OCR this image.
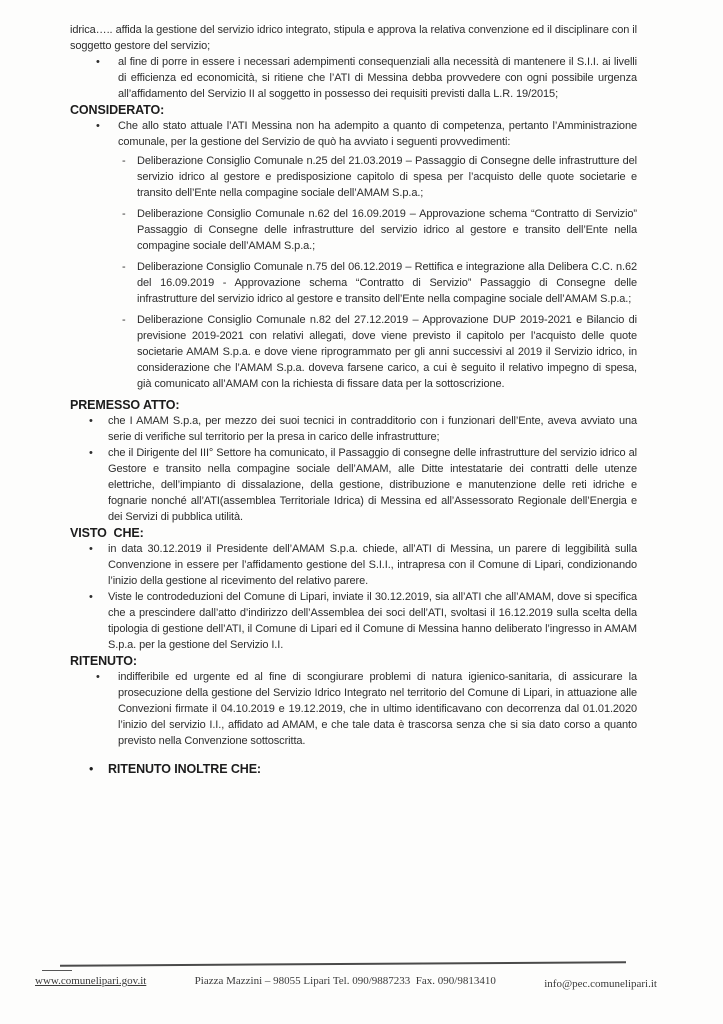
idrica….. affida la gestione del servizio idrico integrato, stipula e approva la relativa convenzione ed il disciplinare con il soggetto gestore del servizio;

• al fine di porre in essere i necessari adempimenti consequenziali alla necessità di mantenere il S.I.I. ai livelli di efficienza ed economicità, si ritiene che l’ATI di Messina debba provvedere con ogni possibile urgenza all’affidamento del Servizio II al soggetto in possesso dei requisiti previsti dalla L.R. 19/2015;

CONSIDERATO:

• Che allo stato attuale l’ATI Messina non ha adempito a quanto di competenza, pertanto l’Amministrazione comunale, per la gestione del Servizio de quò ha avviato i seguenti provvedimenti:

- Deliberazione Consiglio Comunale n.25 del 21.03.2019 – Passaggio di Consegne delle infrastrutture del servizio idrico al gestore e predisposizione capitolo di spesa per l’acquisto delle quote societarie e transito dell’Ente nella compagine sociale dell’AMAM S.p.a.;

- Deliberazione Consiglio Comunale n.62 del 16.09.2019 – Approvazione schema “Contratto di Servizio” Passaggio di Consegne delle infrastrutture del servizio idrico al gestore e transito dell’Ente nella compagine sociale dell’AMAM S.p.a.;

- Deliberazione Consiglio Comunale n.75 del 06.12.2019 – Rettifica e integrazione alla Delibera C.C. n.62 del 16.09.2019 - Approvazione schema “Contratto di Servizio” Passaggio di Consegne delle infrastrutture del servizio idrico al gestore e transito dell’Ente nella compagine sociale dell’AMAM S.p.a.;

- Deliberazione Consiglio Comunale n.82 del 27.12.2019 – Approvazione DUP 2019-2021 e Bilancio di previsione 2019-2021 con relativi allegati, dove viene previsto il capitolo per l’acquisto delle quote societarie AMAM S.p.a. e dove viene riprogrammato per gli anni successivi al 2019 il Servizio idrico, in considerazione che l’AMAM S.p.a. doveva farsene carico, a cui è seguito il relativo impegno di spesa, già comunicato all’AMAM con la richiesta di fissare data per la sottoscrizione.

PREMESSO ATTO:

• che I AMAM S.p.a, per mezzo dei suoi tecnici in contradditorio con i funzionari dell’Ente, aveva avviato una serie di verifiche sul territorio per la presa in carico delle infrastrutture;

• che il Dirigente del III° Settore ha comunicato, il Passaggio di consegne delle infrastrutture del servizio idrico al Gestore e transito nella compagine sociale dell’AMAM, alle Ditte intestatarie dei contratti delle utenze elettriche, dell’impianto di dissalazione, della gestione, distribuzione e manutenzione delle reti idriche e fognarie nonché all’ATI(assemblea Territoriale Idrica) di Messina ed all’Assessorato Regionale dell’Energia e dei Servizi di pubblica utilità.

VISTO  CHE:

• in data 30.12.2019 il Presidente dell’AMAM S.p.a. chiede, all’ATI di Messina, un parere di leggibilità sulla Convenzione in essere per l’affidamento gestione del S.I.I., intrapresa con il Comune di Lipari, condizionando l’inizio della gestione al ricevimento del relativo parere.

• Viste le controdeduzioni del Comune di Lipari, inviate il 30.12.2019, sia all’ATI che all’AMAM, dove si specifica che a prescindere dall’atto d’indirizzo dell’Assemblea dei soci dell’ATI, svoltasi il 16.12.2019 sulla scelta della tipologia di gestione dell’ATI, il Comune di Lipari ed il Comune di Messina hanno deliberato l’ingresso in AMAM S.p.a. per la gestione del Servizio I.I.

RITENUTO:

• indifferibile ed urgente ed al fine di scongiurare problemi di natura igienico-sanitaria, di assicurare la prosecuzione della gestione del Servizio Idrico Integrato nel territorio del Comune di Lipari, in attuazione alle Convezioni firmate il 04.10.2019 e 19.12.2019, che in ultimo identificavano con decorrenza dal 01.01.2020 l’inizio del servizio I.I., affidato ad AMAM, e che tale data è trascorsa senza che si sia dato corso a quanto previsto nella Convenzione sottoscritta.

• RITENUTO INOLTRE CHE:

www.comunelipari.gov.it	Piazza Mazzini – 98055 Lipari Tel. 090/9887233  Fax. 090/9813410	info@pec.comunelipari.it
